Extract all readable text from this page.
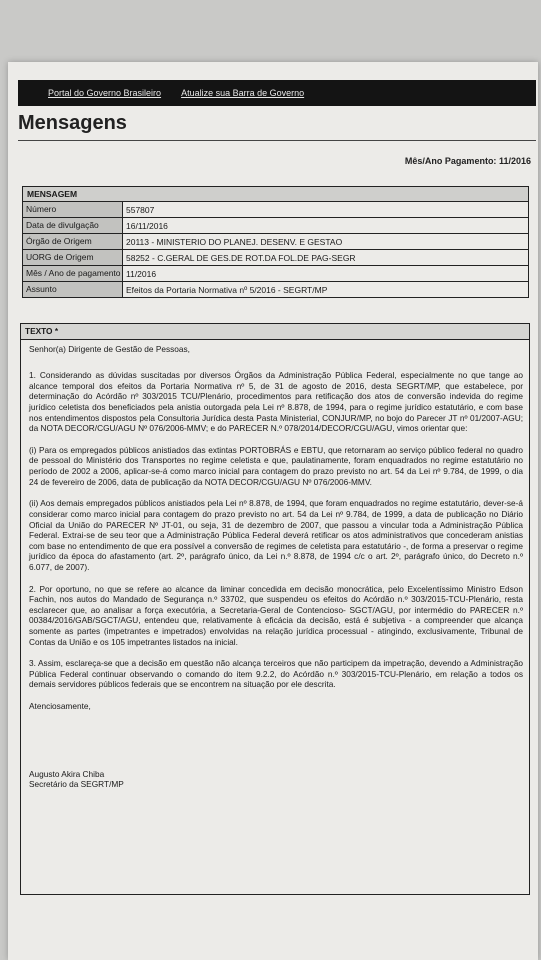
Portal do Governo Brasileiro Atualize sua Barra de Governo
Mensagens
Mês/Ano Pagamento: 11/2016
MENSAGEM
Número	557807
Data de divulgação	16/11/2016
Órgão de Origem	20113 - MINISTERIO DO PLANEJ. DESENV. E GESTAO
UORG de Origem	58252 - C.GERAL DE GES.DE ROT.DA FOL.DE PAG-SEGR
Mês / Ano de pagamento 11/2016
Assunto	Efeitos da Portaria Normativa nº 5/2016 - SEGRT/MP
TEXTO *

Senhor(a) Dirigente de Gestão de Pessoas,

1. Considerando as dúvidas suscitadas por diversos Órgãos da Administração Pública Federal, especialmente no que tange ao alcance temporal dos efeitos da Portaria Normativa nº 5, de 31 de agosto de 2016, desta SEGRT/MP, que estabelece, por determinação do Acórdão nº 303/2015 TCU/Plenário, procedimentos para retificação dos atos de conversão indevida do regime jurídico celetista dos beneficiados pela anistia outorgada pela Lei nº 8.878, de 1994, para o regime jurídico estatutário, e com base nos entendimentos dispostos pela Consultoria Jurídica desta Pasta Ministerial, CONJUR/MP, no bojo do Parecer JT nº 01/2007-AGU; da NOTA DECOR/CGU/AGU Nº 076/2006-MMV; e do PARECER N.º 078/2014/DECOR/CGU/AGU, vimos orientar que:

(i) Para os empregados públicos anistiados das extintas PORTOBRÁS e EBTU, que retornaram ao serviço público federal no quadro de pessoal do Ministério dos Transportes no regime celetista e que, paulatinamente, foram enquadrados no regime estatutário no período de 2002 a 2006, aplicar-se-á como marco inicial para contagem do prazo previsto no art. 54 da Lei nº 9.784, de 1999, o dia 24 de fevereiro de 2006, data de publicação da NOTA DECOR/CGU/AGU Nº 076/2006-MMV.

(ii) Aos demais empregados públicos anistiados pela Lei nº 8.878, de 1994, que foram enquadrados no regime estatutário, dever-se-á considerar como marco inicial para contagem do prazo previsto no art. 54 da Lei nº 9.784, de 1999, a data de publicação no Diário Oficial da União do PARECER Nº JT-01, ou seja, 31 de dezembro de 2007, que passou a vincular toda a Administração Pública Federal. Extrai-se de seu teor que a Administração Pública Federal deverá retificar os atos administrativos que concederam anistias com base no entendimento de que era possível a conversão de regimes de celetista para estatutário -, de forma a preservar o regime jurídico da época do afastamento (art. 2º, parágrafo único, da Lei n.º 8.878, de 1994 c/c o art. 2º, parágrafo único, do Decreto n.º 6.077, de 2007).

2. Por oportuno, no que se refere ao alcance da liminar concedida em decisão monocrática, pelo Excelentíssimo Ministro Edson Fachin, nos autos do Mandado de Segurança n.º 33702, que suspendeu os efeitos do Acórdão n.º 303/2015-TCU-Plenário, resta esclarecer que, ao analisar a força executória, a Secretaria-Geral de Contencioso- SGCT/AGU, por intermédio do PARECER n.º 00384/2016/GAB/SGCT/AGU, entendeu que, relativamente à eficácia da decisão, está é subjetiva - a compreender que alcança somente as partes (impetrantes e impetrados) envolvidas na relação jurídica processual - atingindo, exclusivamente, Tribunal de Contas da União e os 105 impetrantes listados na inicial.

3. Assim, esclareça-se que a decisão em questão não alcança terceiros que não participem da impetração, devendo a Administração Pública Federal continuar observando o comando do item 9.2.2, do Acórdão n.º 303/2015-TCU-Plenário, em relação a todos os demais servidores públicos federais que se encontrem na situação por ele descrita.

Atenciosamente,

Augusto Akira Chiba

Secretário da SEGRT/MP
